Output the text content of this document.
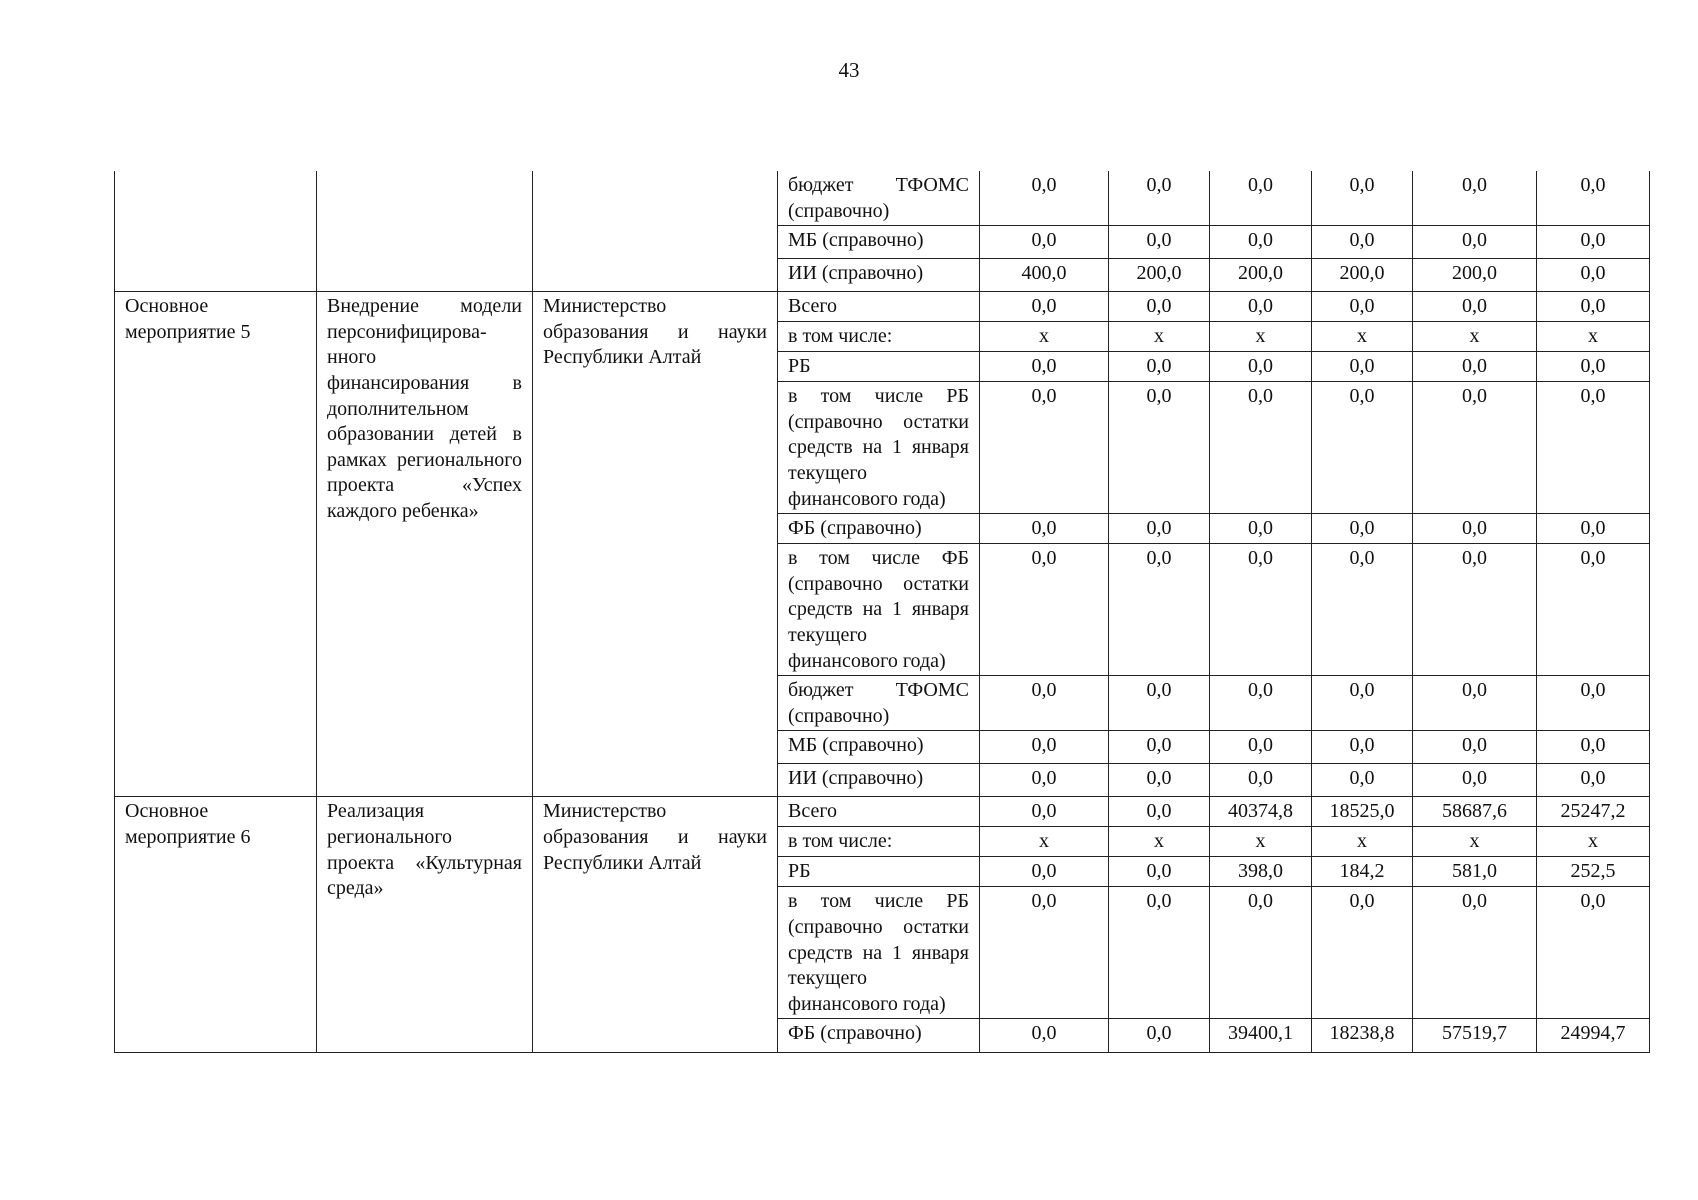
43
			бюджет ТФОМС (справочно)	0,0	0,0	0,0	0,0	0,0	0,0
			МБ (справочно)	0,0	0,0	0,0	0,0	0,0	0,0
			ИИ (справочно)	400,0	200,0	200,0	200,0	200,0	0,0
Основное мероприятие 5	Внедрение модели персонифицирова-нного финансирования в дополнительном образовании детей в рамках регионального проекта «Успех каждого ребенка»	Министерство образования и науки Республики Алтай	Всего	0,0	0,0	0,0	0,0	0,0	0,0
			в том числе:	x	x	x	x	x	x
			РБ	0,0	0,0	0,0	0,0	0,0	0,0
			в том числе РБ (справочно остатки средств на 1 января текущего финансового года)	0,0	0,0	0,0	0,0	0,0	0,0
			ФБ (справочно)	0,0	0,0	0,0	0,0	0,0	0,0
			в том числе ФБ (справочно остатки средств на 1 января текущего финансового года)	0,0	0,0	0,0	0,0	0,0	0,0
			бюджет ТФОМС (справочно)	0,0	0,0	0,0	0,0	0,0	0,0
			МБ (справочно)	0,0	0,0	0,0	0,0	0,0	0,0
			ИИ (справочно)	0,0	0,0	0,0	0,0	0,0	0,0
Основное мероприятие 6	Реализация регионального проекта «Культурная среда»	Министерство образования и науки Республики Алтай	Всего	0,0	0,0	40374,8	18525,0	58687,6	25247,2
			в том числе:	x	x	x	x	x	x
			РБ	0,0	0,0	398,0	184,2	581,0	252,5
			в том числе РБ (справочно остатки средств на 1 января текущего финансового года)	0,0	0,0	0,0	0,0	0,0	0,0
			ФБ (справочно)	0,0	0,0	39400,1	18238,8	57519,7	24994,7
